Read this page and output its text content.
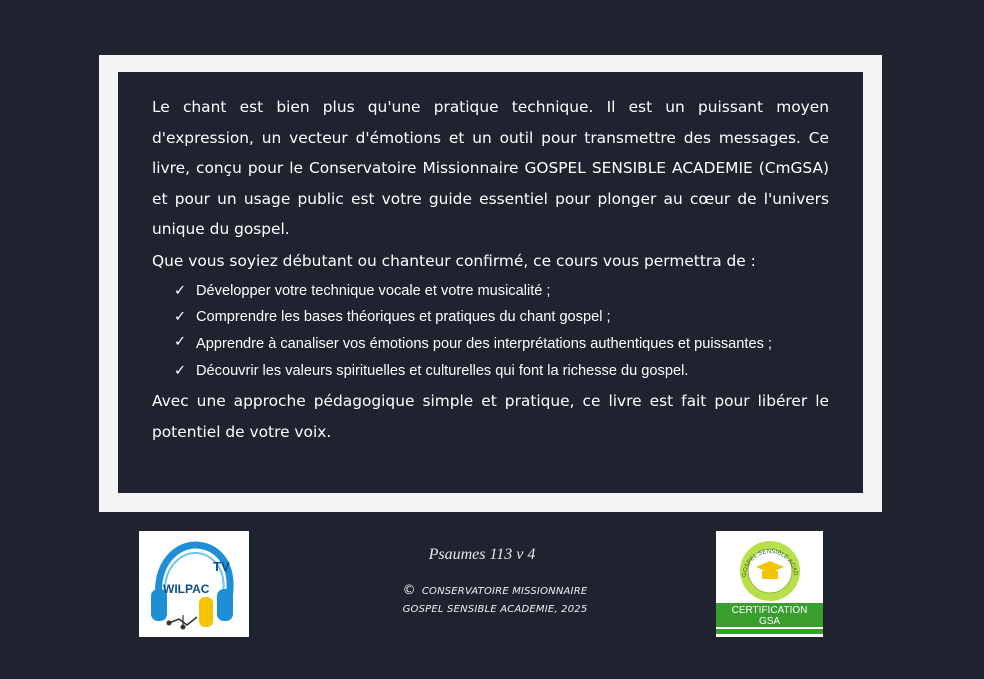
Le chant est bien plus qu'une pratique technique. Il est un puissant moyen d'expression, un vecteur d'émotions et un outil pour transmettre des messages. Ce livre, conçu pour le Conservatoire Missionnaire GOSPEL SENSIBLE ACADEMIE (CmGSA) et pour un usage public est votre guide essentiel pour plonger au cœur de l'univers unique du gospel.

Que vous soyiez débutant ou chanteur confirmé, ce cours vous permettra de :

✓ Développer votre technique vocale et votre musicalité ;
✓ Comprendre les bases théoriques et pratiques du chant gospel ;
✓ Apprendre à canaliser vos émotions pour des interprétations authentiques et puissantes ;
✓ Découvrir les valeurs spirituelles et culturelles qui font la richesse du gospel.

Avec une approche pédagogique simple et pratique, ce livre est fait pour libérer le potentiel de votre voix.

WILPAC
TV
Psaumes 113 v 4
© CONSERVATOIRE MISSIONNAIRE
GOSPEL SENSIBLE ACADEMIE, 2025
GOSPEL SENSIBLE ACAD
CERTIFICATION
GSA
